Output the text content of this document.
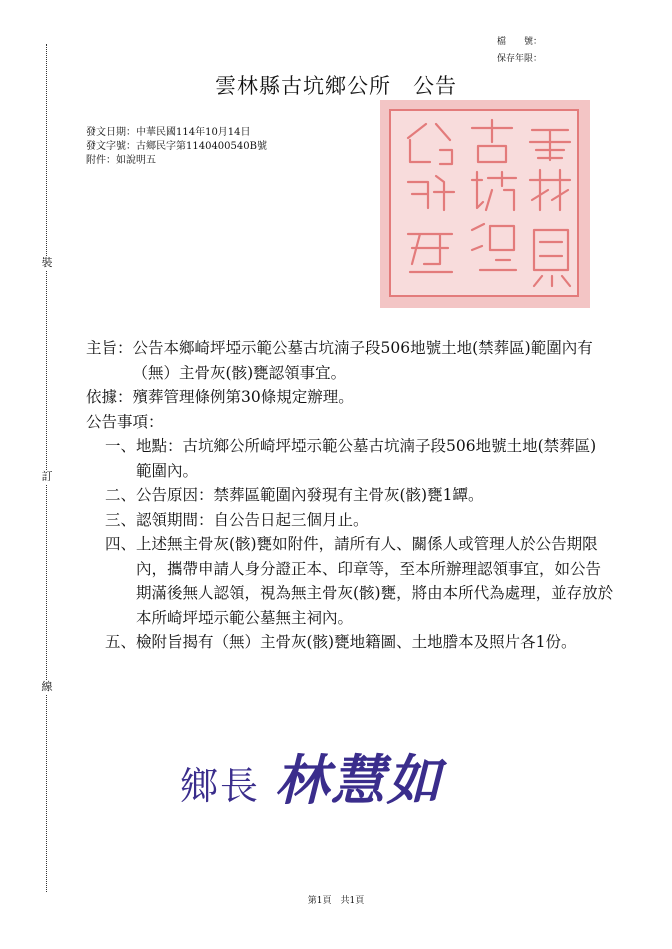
裝
訂
線
檔　　號：
保存年限：
雲林縣古坑鄉公所　公告
發文日期：中華民國114年10月14日
發文字號：古鄉民字第1140400540B號
附件：如說明五
主旨： 公告本鄉崎坪埡示範公墓古坑湳子段506地號土地(禁葬區)範圍內有（無）主骨灰(骸)甕認領事宜。
依據： 殯葬管理條例第30條規定辦理。
公告事項：
一、 地點：古坑鄉公所崎坪埡示範公墓古坑湳子段506地號土地(禁葬區) 範圍內。
二、 公告原因：禁葬區範圍內發現有主骨灰(骸)甕1罈。
三、 認領期間：自公告日起三個月止。
四、 上述無主骨灰(骸)甕如附件，請所有人、關係人或管理人於公告期限內，攜帶申請人身分證正本、印章等，至本所辦理認領事宜，如公告期滿後無人認領，視為無主骨灰(骸)甕，將由本所代為處理，並存放於本所崎坪埡示範公墓無主祠內。
五、 檢附旨揭有（無）主骨灰(骸)甕地籍圖、土地謄本及照片各1份。
鄉長 林慧如
第1頁　共1頁
